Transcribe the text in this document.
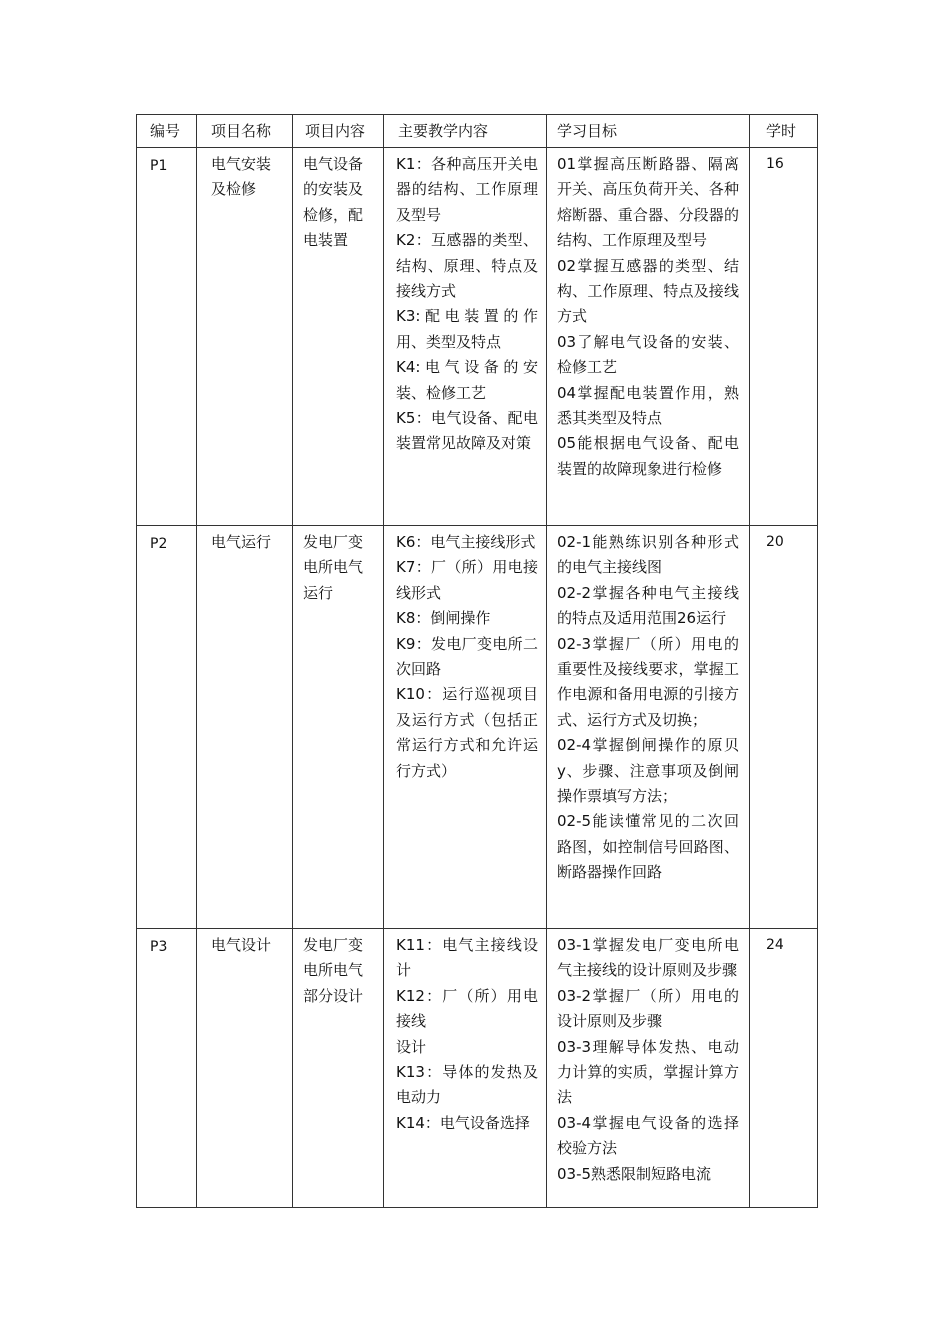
编号	项目名称	项目内容	主要教学内容	学习目标	学时

P1	电气安装及检修	电气设备的安装及检修，配电装置	K1：各种高压开关电器的结构、工作原理及型号
K2：互感器的类型、结构、原理、特点及接线方式
K3:配电装置的作用、类型及特点
K4:电气设备的安装、检修工艺
K5：电气设备、配电装置常见故障及对策	01掌握高压断路器、隔离开关、高压负荷开关、各种熔断器、重合器、分段器的结构、工作原理及型号
02掌握互感器的类型、结构、工作原理、特点及接线方式
03了解电气设备的安装、检修工艺
04掌握配电装置作用，熟悉其类型及特点
05能根据电气设备、配电装置的故障现象进行检修	16

P2	电气运行	发电厂变电所电气运行	K6：电气主接线形式
K7：厂（所）用电接线形式
K8：倒闸操作
K9：发电厂变电所二次回路
K10：运行巡视项目及运行方式（包括正常运行方式和允许运行方式）	02-1能熟练识别各种形式的电气主接线图
02-2掌握各种电气主接线的特点及适用范围26运行
02-3掌握厂（所）用电的重要性及接线要求，掌握工作电源和备用电源的引接方式、运行方式及切换；
02-4掌握倒闸操作的原贝y、步骤、注意事项及倒闸操作票填写方法；
02-5能读懂常见的二次回路图，如控制信号回路图、断路器操作回路	20

P3	电气设计	发电厂变电所电气部分设计	K11：电气主接线设计
K12：厂（所）用电接线
设计
K13：导体的发热及电动力
K14：电气设备选择	03-1掌握发电厂变电所电气主接线的设计原则及步骤
03-2掌握厂（所）用电的设计原则及步骤
03-3理解导体发热、电动力计算的实质，掌握计算方法
03-4掌握电气设备的选择校验方法
03-5熟悉限制短路电流	24
